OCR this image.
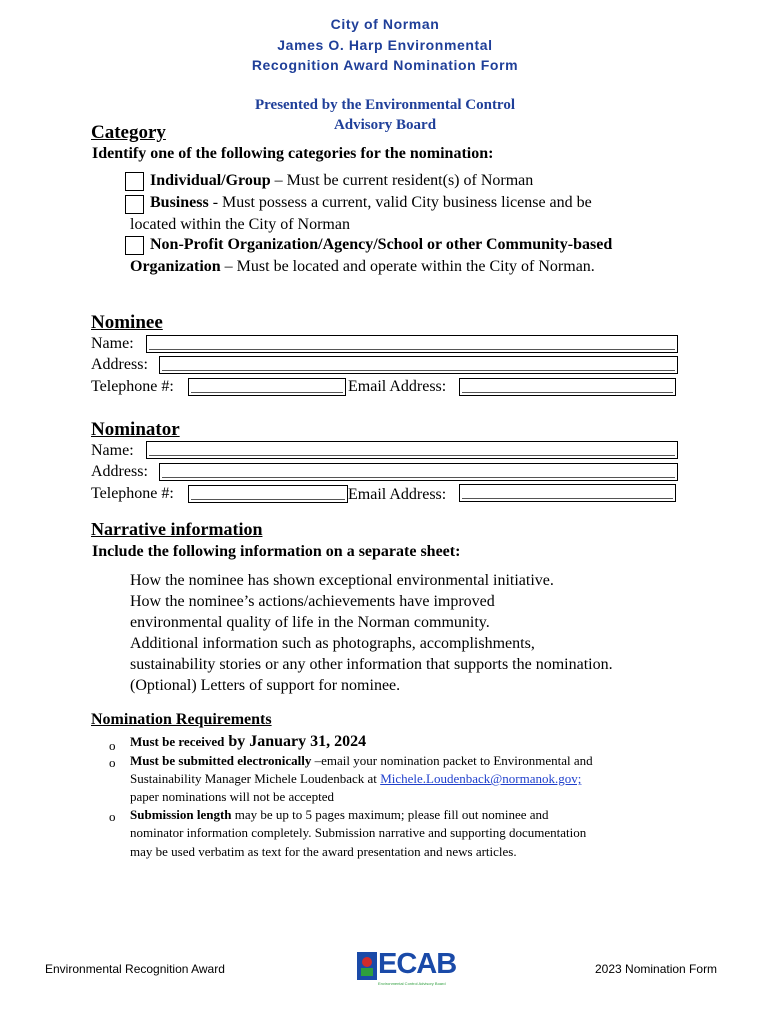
City of Norman
James O. Harp Environmental
Recognition Award Nomination Form
Presented by the Environmental Control
Advisory Board
Category
Identify one of the following categories for the nomination:
Individual/Group – Must be current resident(s) of Norman
Business - Must possess a current, valid City business license and be
located within the City of Norman
Non-Profit Organization/Agency/School or other Community-based
Organization – Must be located and operate within the City of Norman.
Nominee
Name:
Address:
Telephone #:	Email Address:
Nominator
Name:
Address:
Telephone #:	Email Address:
Narrative information
Include the following information on a separate sheet:
How the nominee has shown exceptional environmental initiative.
How the nominee’s actions/achievements have improved
environmental quality of life in the Norman community.
Additional information such as photographs, accomplishments,
sustainability stories or any other information that supports the nomination.
(Optional) Letters of support for nominee.
Nomination Requirements
o Must be received by January 31, 2024
o Must be submitted electronically –email your nomination packet to Environmental and
Sustainability Manager Michele Loudenback at Michele.Loudenback@normanok.gov;
paper nominations will not be accepted
o Submission length may be up to 5 pages maximum; please fill out nominee and
nominator information completely. Submission narrative and supporting documentation
may be used verbatim as text for the award presentation and news articles.
Environmental Recognition Award	ECAB
Environmental Control Advisory Board
2023 Nomination Form
